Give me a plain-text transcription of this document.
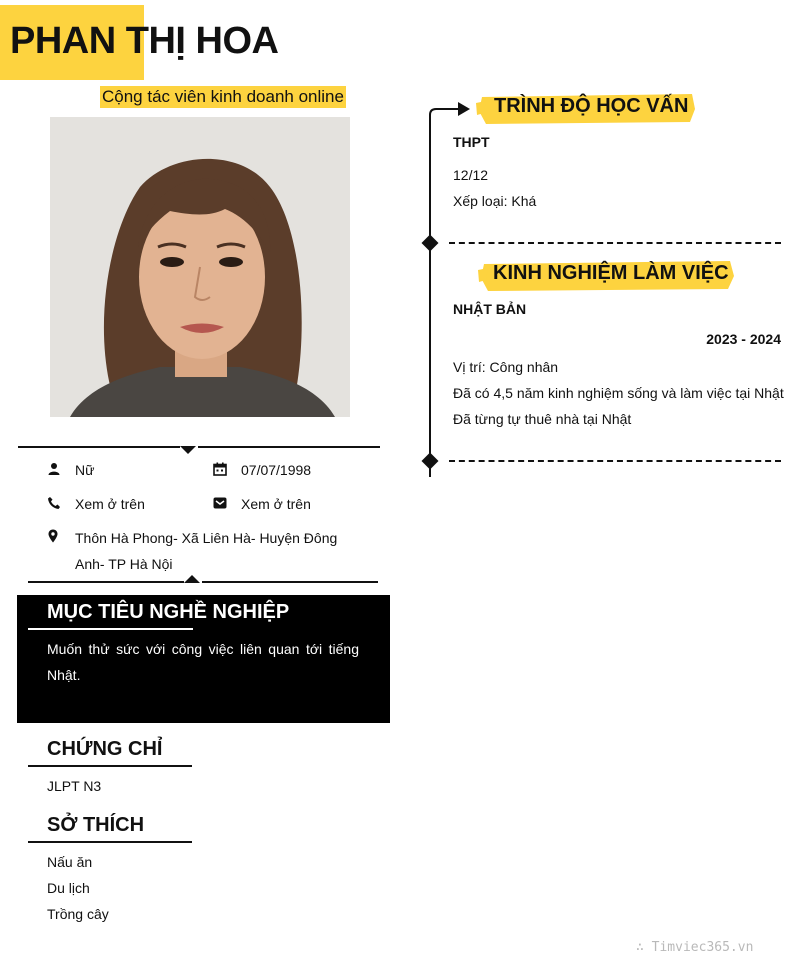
PHAN THỊ HOA
Cộng tác viên kinh doanh online
Nữ	07/07/1998
Xem ở trên	Xem ở trên
Thôn Hà Phong- Xã Liên Hà- Huyện Đông
Anh- TP Hà Nội
MỤC TIÊU NGHỀ NGHIỆP
Muốn thử sức với công việc liên quan tới tiếng Nhật.
CHỨNG CHỈ
JLPT N3
SỞ THÍCH
Nấu ăn
Du lịch
Trồng cây
TRÌNH ĐỘ HỌC VẤN
THPT
12/12
Xếp loại: Khá
KINH NGHIỆM LÀM VIỆC
NHẬT BẢN
2023 - 2024
Vị trí: Công nhân
Đã có 4,5 năm kinh nghiệm sống và làm việc tại Nhật
Đã từng tự thuê nhà tại Nhật
∴ Timviec365.vn
